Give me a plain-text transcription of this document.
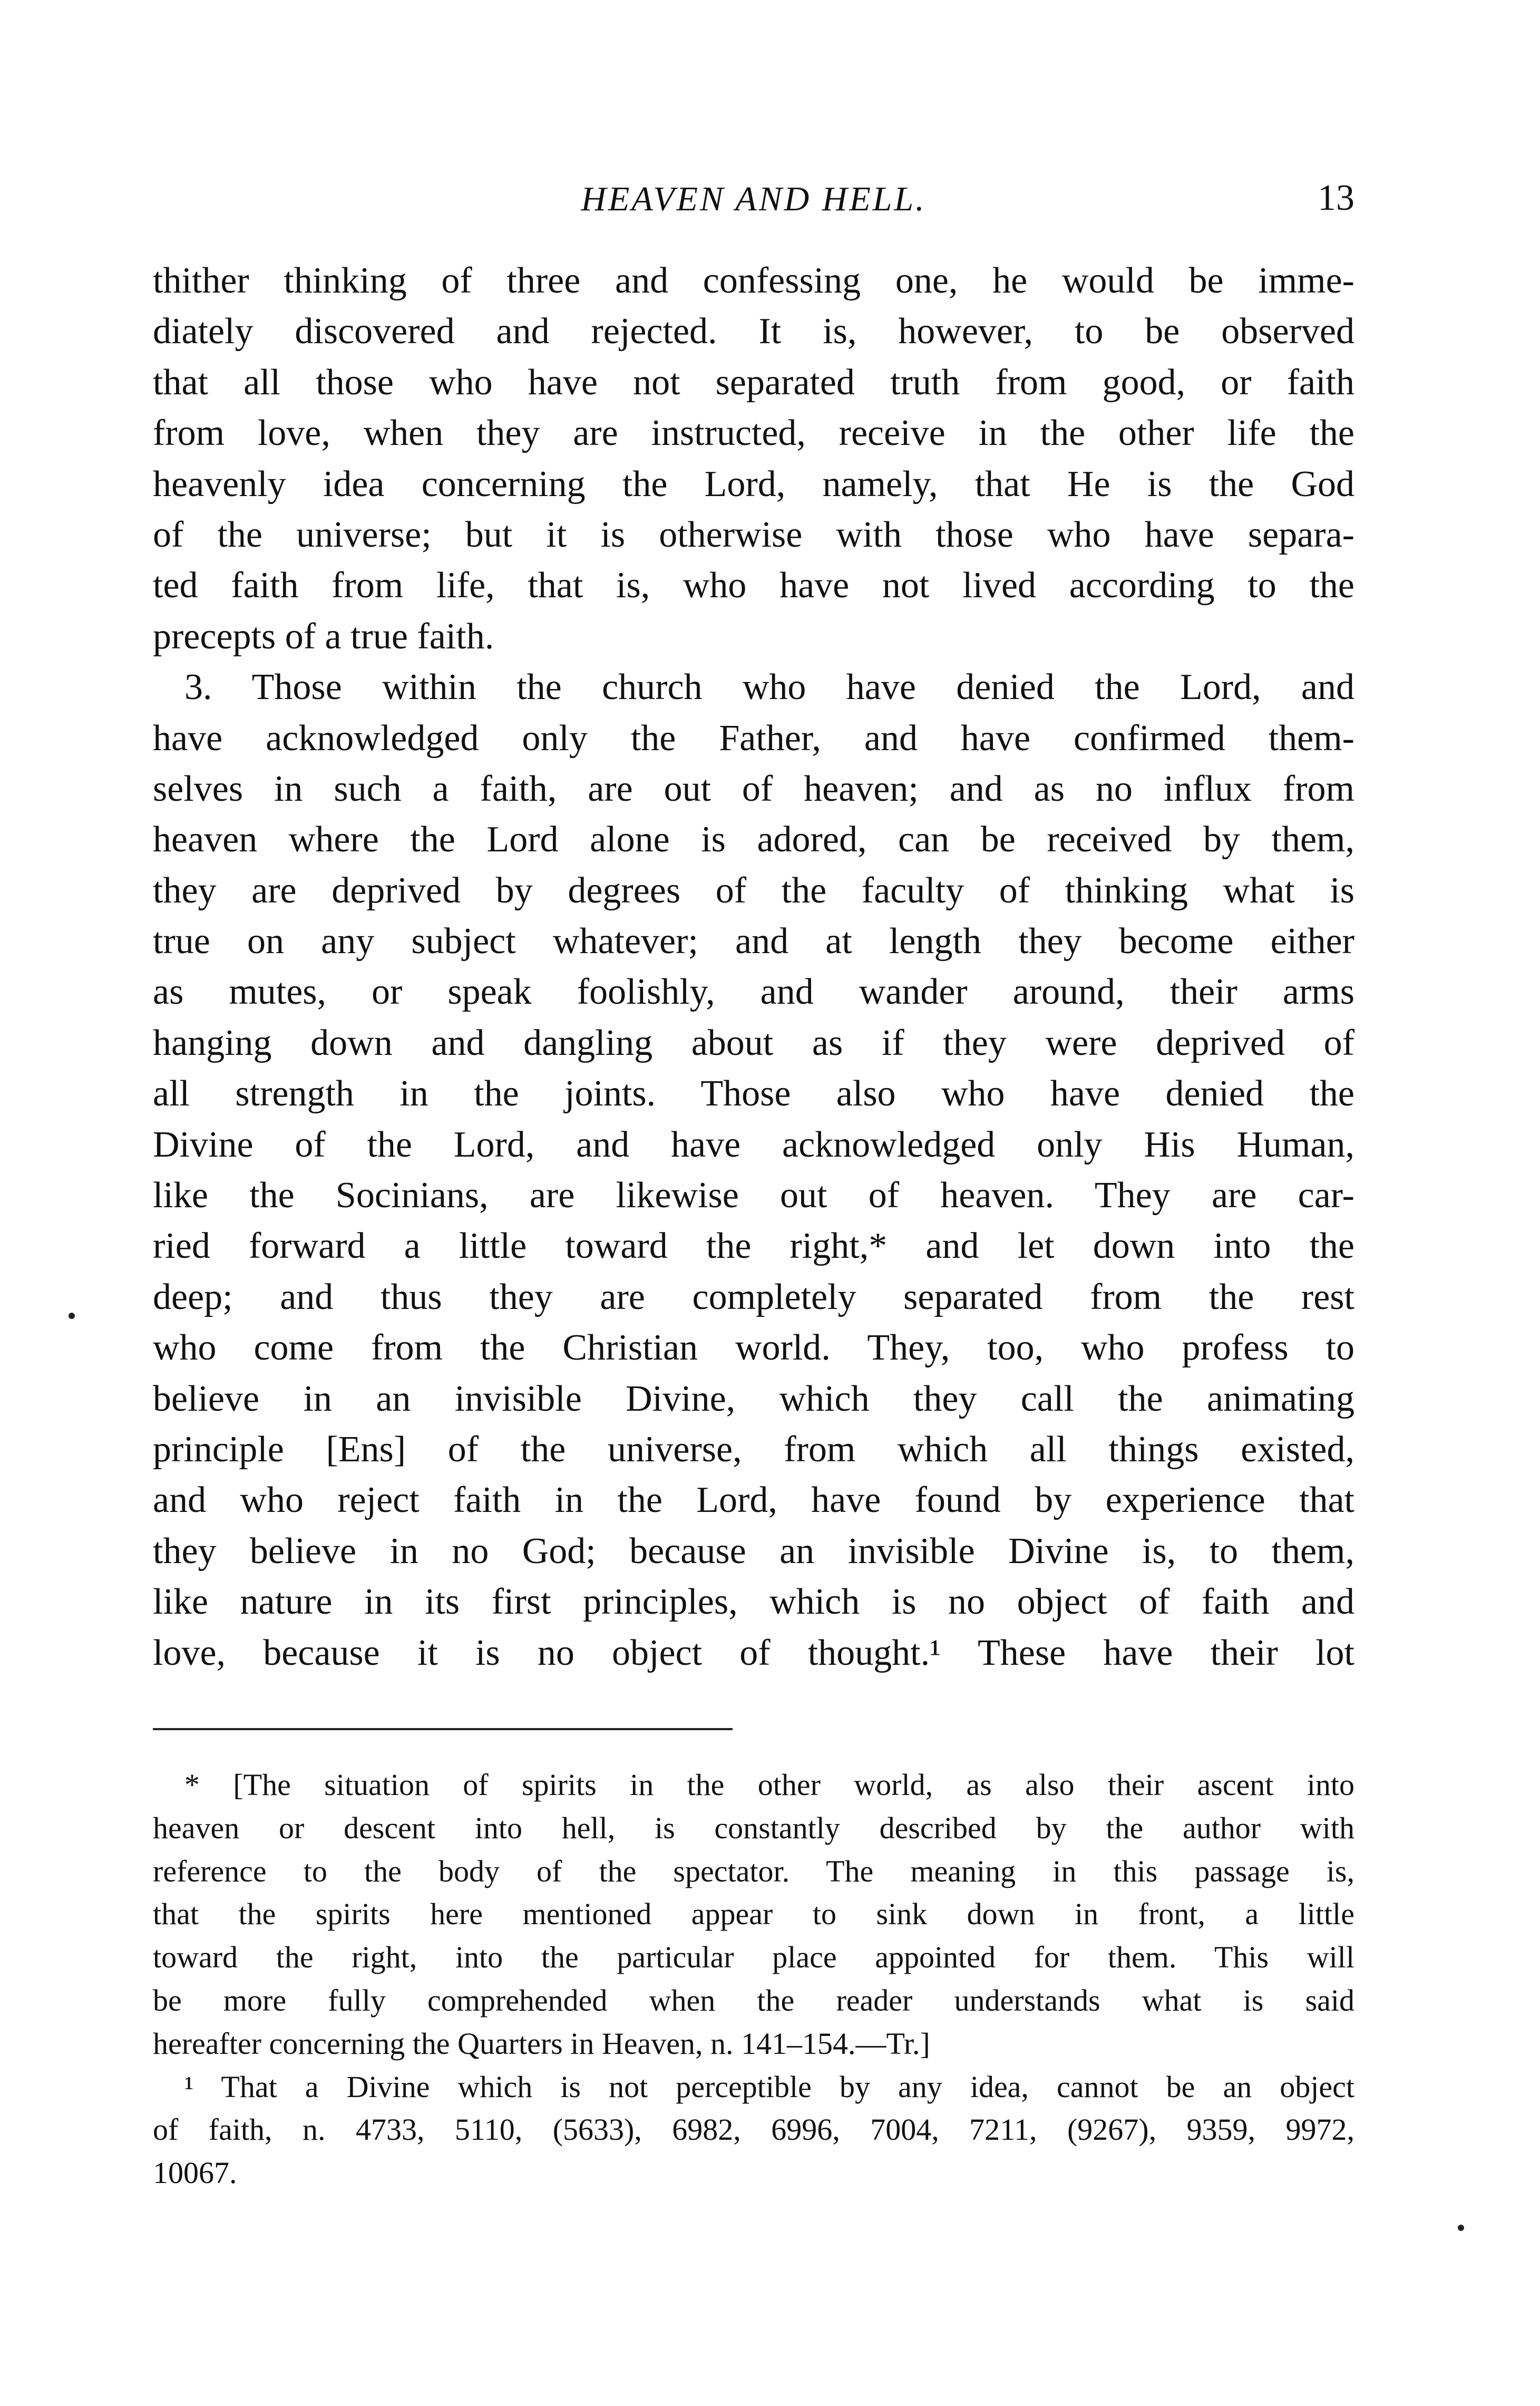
HEAVEN AND HELL.	13
thither thinking of three and confessing one, he would be imme-
diately discovered and rejected. It is, however, to be observed
that all those who have not separated truth from good, or faith
from love, when they are instructed, receive in the other life the
heavenly idea concerning the Lord, namely, that He is the God
of the universe; but it is otherwise with those who have separa-
ted faith from life, that is, who have not lived according to the
precepts of a true faith.
3. Those within the church who have denied the Lord, and
have acknowledged only the Father, and have confirmed them-
selves in such a faith, are out of heaven; and as no influx from
heaven where the Lord alone is adored, can be received by them,
they are deprived by degrees of the faculty of thinking what is
true on any subject whatever; and at length they become either
as mutes, or speak foolishly, and wander around, their arms
hanging down and dangling about as if they were deprived of
all strength in the joints. Those also who have denied the
Divine of the Lord, and have acknowledged only His Human,
like the Socinians, are likewise out of heaven. They are car-
ried forward a little toward the right,* and let down into the
deep; and thus they are completely separated from the rest
who come from the Christian world. They, too, who profess to
believe in an invisible Divine, which they call the animating
principle [Ens] of the universe, from which all things existed,
and who reject faith in the Lord, have found by experience that
they believe in no God; because an invisible Divine is, to them,
like nature in its first principles, which is no object of faith and
love, because it is no object of thought.¹ These have their lot
* [The situation of spirits in the other world, as also their ascent into
heaven or descent into hell, is constantly described by the author with
reference to the body of the spectator. The meaning in this passage is,
that the spirits here mentioned appear to sink down in front, a little
toward the right, into the particular place appointed for them. This will
be more fully comprehended when the reader understands what is said
hereafter concerning the Quarters in Heaven, n. 141–154.—Tr.]
¹ That a Divine which is not perceptible by any idea, cannot be an object
of faith, n. 4733, 5110, (5633), 6982, 6996, 7004, 7211, (9267), 9359, 9972,
10067.
